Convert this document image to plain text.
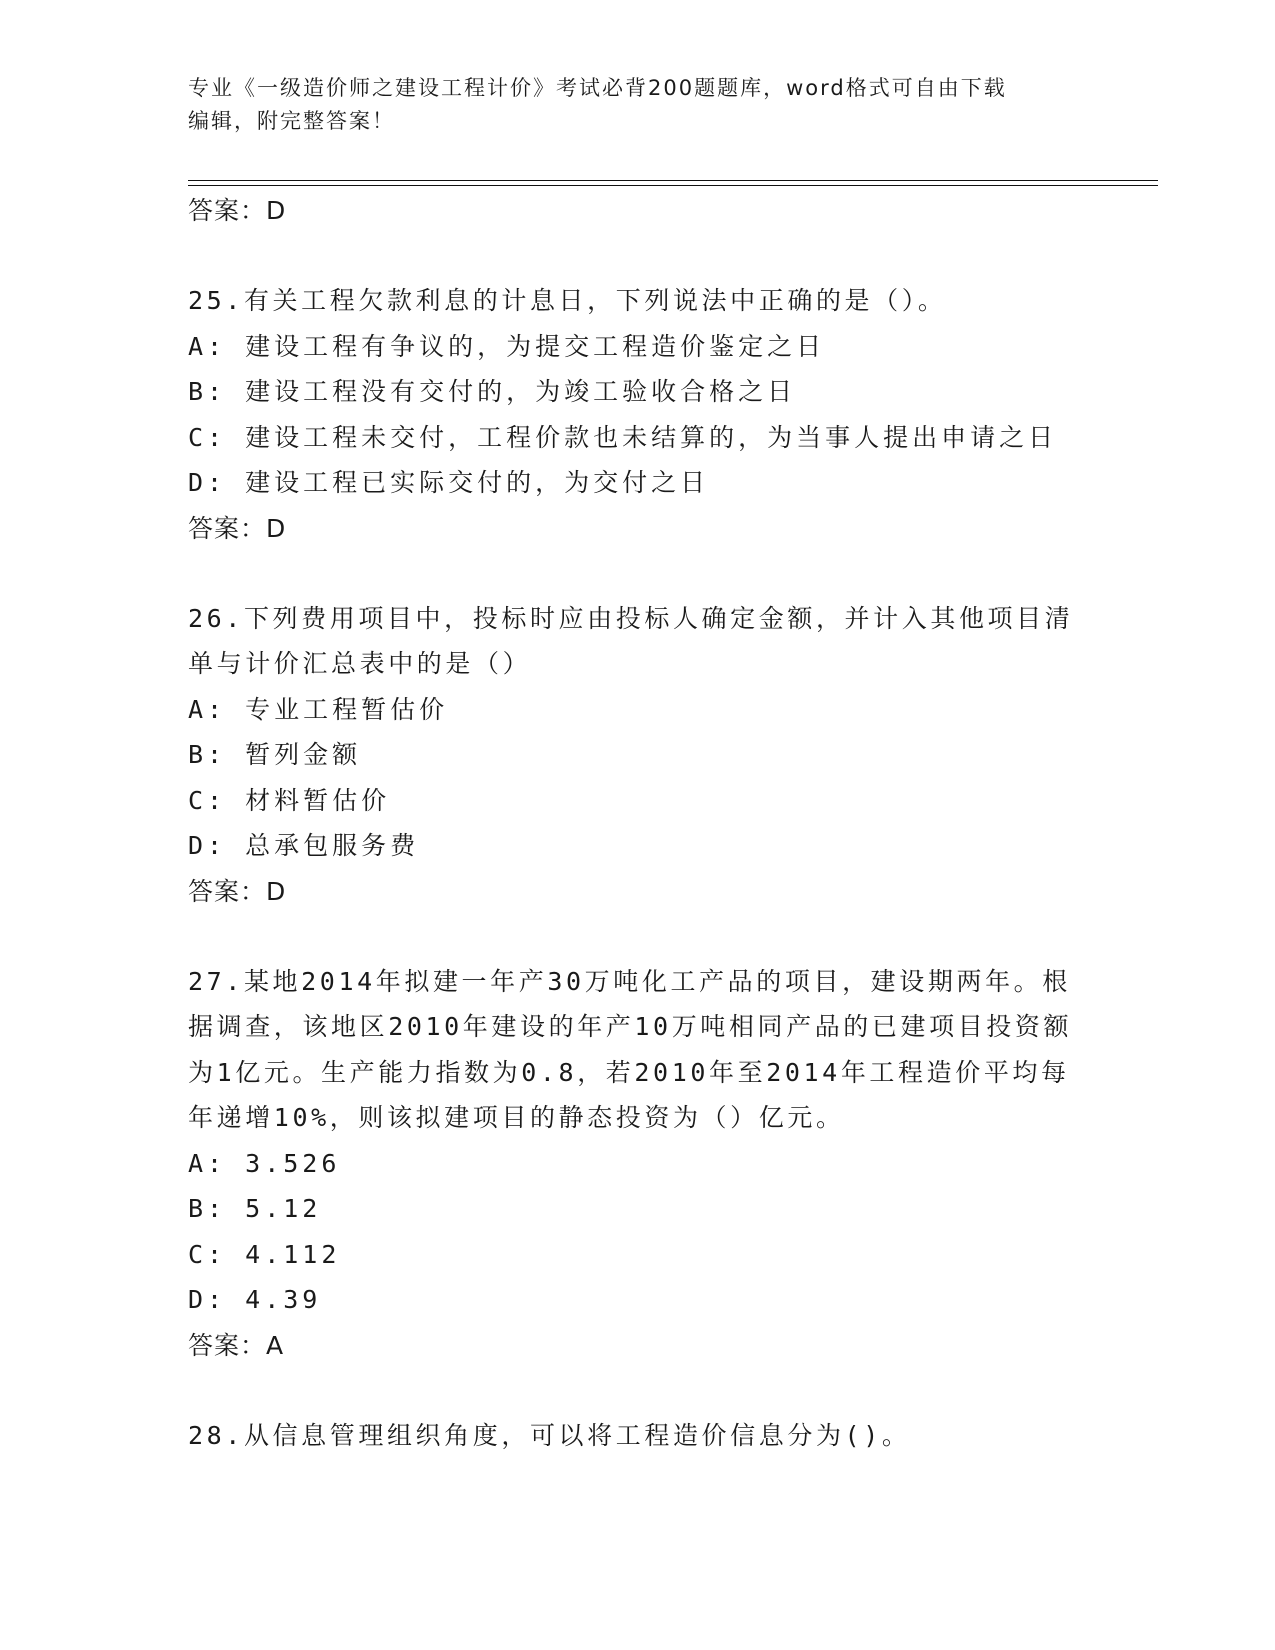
专业《一级造价师之建设工程计价》考试必背200题题库，word格式可自由下载
编辑，附完整答案！
答案：D
25.有关工程欠款利息的计息日，下列说法中正确的是（）。
A: 建设工程有争议的，为提交工程造价鉴定之日
B: 建设工程没有交付的，为竣工验收合格之日
C: 建设工程未交付，工程价款也未结算的，为当事人提出申请之日
D: 建设工程已实际交付的，为交付之日
答案：D
26.下列费用项目中，投标时应由投标人确定金额，并计入其他项目清单与计价汇总表中的是（）
A: 专业工程暂估价
B: 暂列金额
C: 材料暂估价
D: 总承包服务费
答案：D
27.某地2014年拟建一年产30万吨化工产品的项目，建设期两年。根据调查，该地区2010年建设的年产10万吨相同产品的已建项目投资额为1亿元。生产能力指数为0.8，若2010年至2014年工程造价平均每年递增10%，则该拟建项目的静态投资为（）亿元。
A: 3.526
B: 5.12
C: 4.112
D: 4.39
答案：A
28.从信息管理组织角度，可以将工程造价信息分为()。
